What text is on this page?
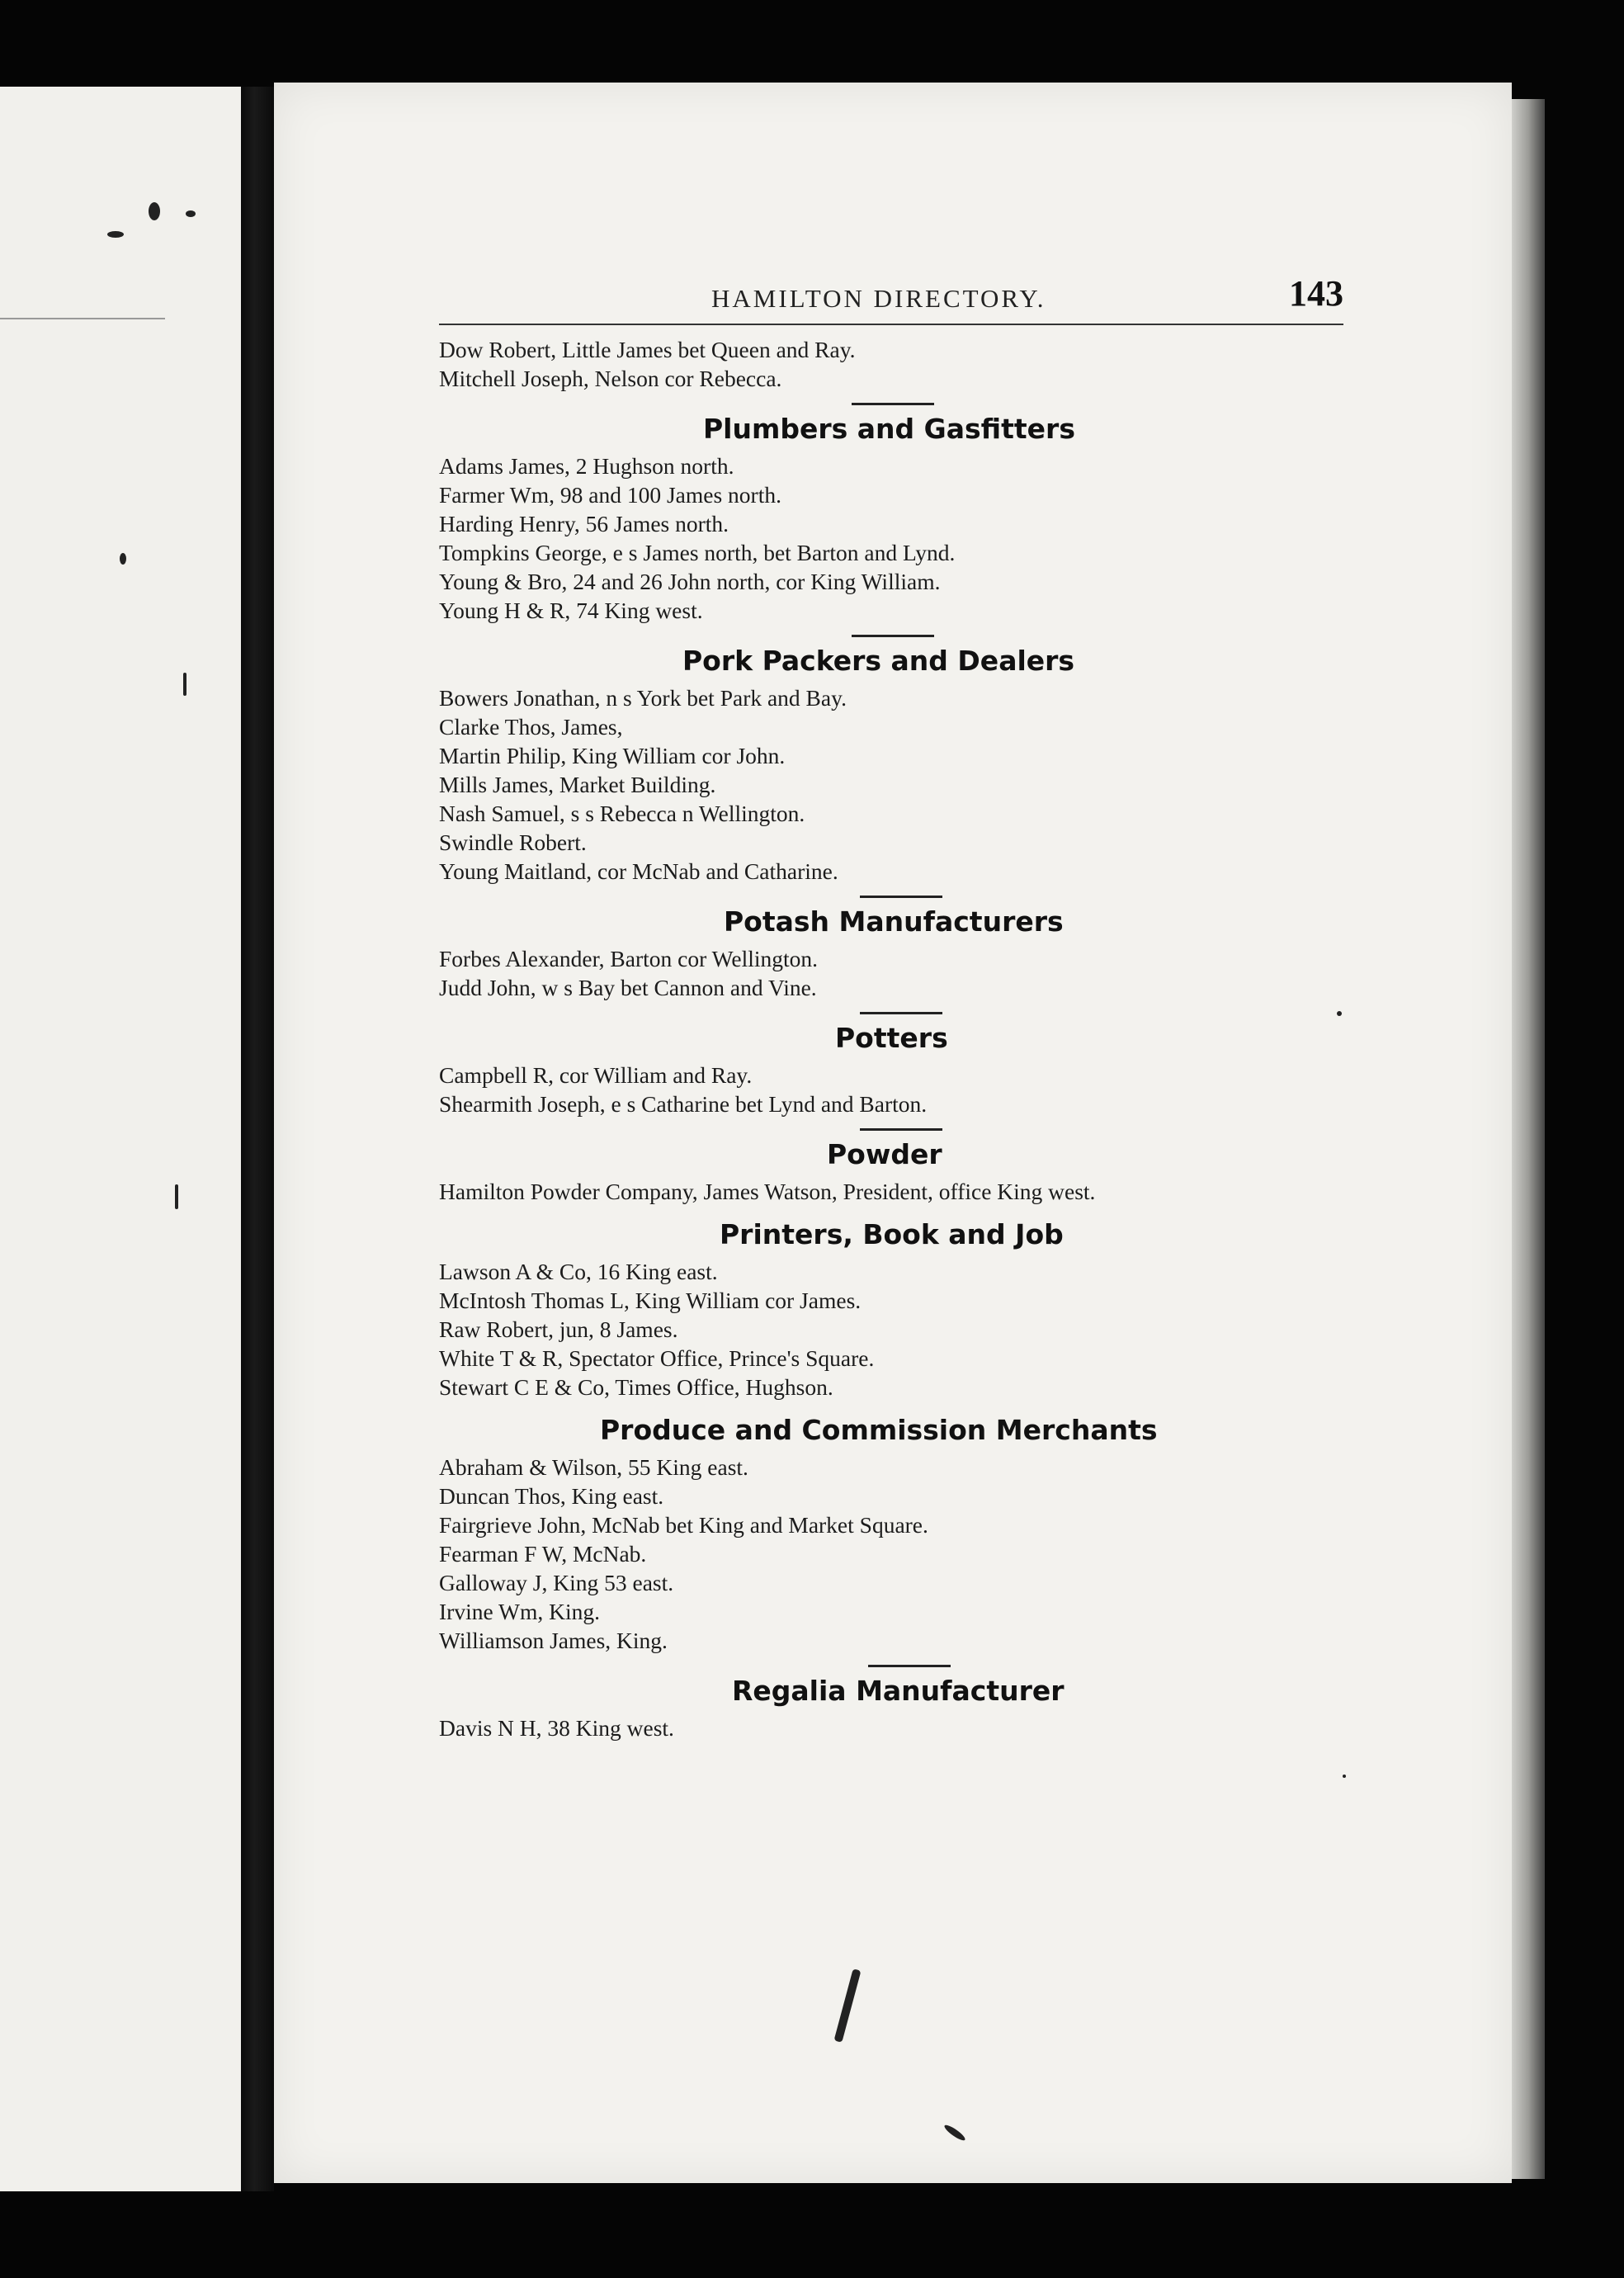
HAMILTON DIRECTORY.	143
Dow Robert, Little James bet Queen and Ray.
Mitchell Joseph, Nelson cor Rebecca.
Plumbers and Gasfitters
Adams James, 2 Hughson north.
Farmer Wm, 98 and 100 James north.
Harding Henry, 56 James north.
Tompkins George, e s James north, bet Barton and Lynd.
Young & Bro, 24 and 26 John north, cor King William.
Young H & R, 74 King west.
Pork Packers and Dealers
Bowers Jonathan, n s York bet Park and Bay.
Clarke Thos, James,
Martin Philip, King William cor John.
Mills James, Market Building.
Nash Samuel, s s Rebecca n Wellington.
Swindle Robert.
Young Maitland, cor McNab and Catharine.
Potash Manufacturers
Forbes Alexander, Barton cor Wellington.
Judd John, w s Bay bet Cannon and Vine.
Potters
Campbell R, cor William and Ray.
Shearmith Joseph, e s Catharine bet Lynd and Barton.
Powder
Hamilton Powder Company, James Watson, President, office King west.
Printers, Book and Job
Lawson A & Co, 16 King east.
McIntosh Thomas L, King William cor James.
Raw Robert, jun, 8 James.
White T & R, Spectator Office, Prince's Square.
Stewart C E & Co, Times Office, Hughson.
Produce and Commission Merchants
Abraham & Wilson, 55 King east.
Duncan Thos, King east.
Fairgrieve John, McNab bet King and Market Square.
Fearman F W, McNab.
Galloway J, King 53 east.
Irvine Wm, King.
Williamson James, King.
Regalia Manufacturer
Davis N H, 38 King west.
